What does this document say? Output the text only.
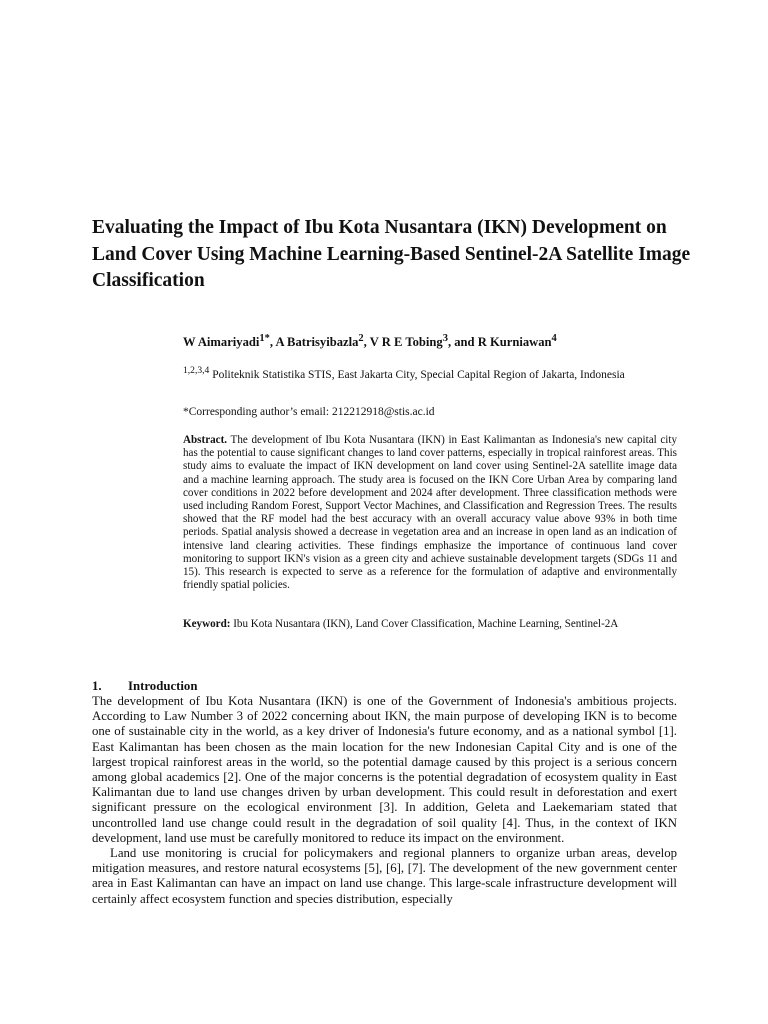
Evaluating the Impact of Ibu Kota Nusantara (IKN) Development on Land Cover Using Machine Learning-Based Sentinel-2A Satellite Image Classification
W Aimariyadi$^{1*}$, A Batrisyibazla$^2$, V R E Tobing$^3$, and R Kurniawan$^4$
$^{1,2,3,4}$ Politeknik Statistika STIS, East Jakarta City, Special Capital Region of Jakarta, Indonesia
*Corresponding author’s email: 212212918@stis.ac.id

Abstract. The development of Ibu Kota Nusantara (IKN) in East Kalimantan as Indonesia's new capital city has the potential to cause significant changes to land cover patterns, especially in tropical rainforest areas. This study aims to evaluate the impact of IKN development on land cover using Sentinel-2A satellite image data and a machine learning approach. The study area is focused on the IKN Core Urban Area by comparing land cover conditions in 2022 before development and 2024 after development. Three classification methods were used including Random Forest, Support Vector Machines, and Classification and Regression Trees. The results showed that the RF model had the best accuracy with an overall accuracy value above 93% in both time periods. Spatial analysis showed a decrease in vegetation area and an increase in open land as an indication of intensive land clearing activities. These findings emphasize the importance of continuous land cover monitoring to support IKN's vision as a green city and achieve sustainable development targets (SDGs 11 and 15). This research is expected to serve as a reference for the formulation of adaptive and environmentally friendly spatial policies.

Keyword: Ibu Kota Nusantara (IKN), Land Cover Classification, Machine Learning, Sentinel-2A

1. Introduction

The development of Ibu Kota Nusantara (IKN) is one of the Government of Indonesia's ambitious projects. According to Law Number 3 of 2022 concerning about IKN, the main purpose of developing IKN is to become one of sustainable city in the world, as a key driver of Indonesia's future economy, and as a national symbol [1]. East Kalimantan has been chosen as the main location for the new Indonesian Capital City and is one of the largest tropical rainforest areas in the world, so the potential damage caused by this project is a serious concern among global academics [2]. One of the major concerns is the potential degradation of ecosystem quality in East Kalimantan due to land use changes driven by urban development. This could result in deforestation and exert significant pressure on the ecological environment [3]. In addition, Geleta and Laekemariam stated that uncontrolled land use change could result in the degradation of soil quality [4]. Thus, in the context of IKN development, land use must be carefully monitored to reduce its impact on the environment.

Land use monitoring is crucial for policymakers and regional planners to organize urban areas, develop mitigation measures, and restore natural ecosystems [5], [6], [7]. The development of the new government center area in East Kalimantan can have an impact on land use change. This large-scale infrastructure development will certainly affect ecosystem function and species distribution, especially
